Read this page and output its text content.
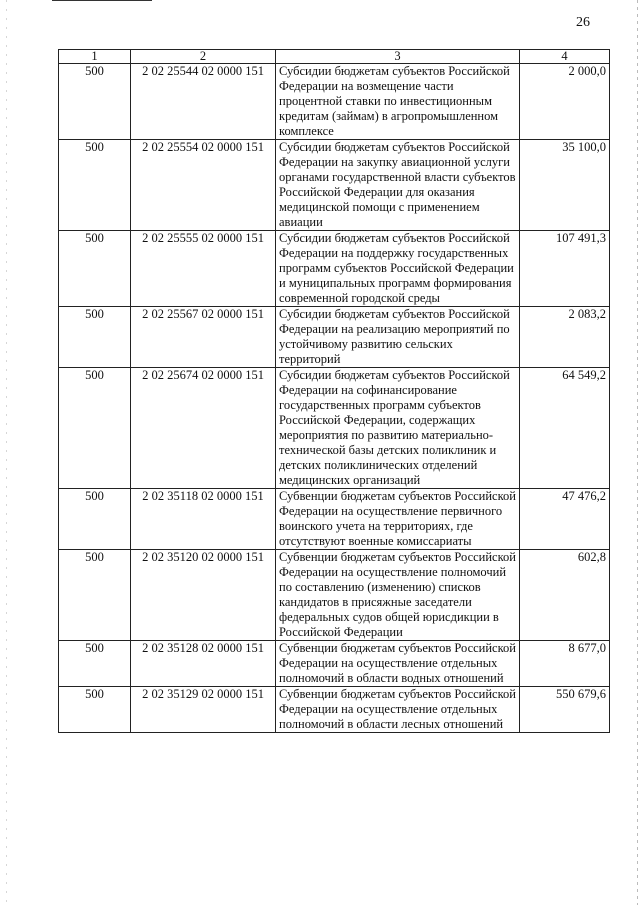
26
1	2	3	4
500	2 02 25544 02 0000 151	Субсидии бюджетам субъектов Российской Федерации на возмещение части процентной ставки по инвестиционным кредитам (займам) в агропромышленном комплексе	2 000,0
500	2 02 25554 02 0000 151	Субсидии бюджетам субъектов Российской Федерации на закупку авиационной услуги органами государственной власти субъектов Российской Федерации для оказания медицинской помощи с применением авиации	35 100,0
500	2 02 25555 02 0000 151	Субсидии бюджетам субъектов Российской Федерации на поддержку государственных программ субъектов Российской Федерации и муниципальных программ формирования современной городской среды	107 491,3
500	2 02 25567 02 0000 151	Субсидии бюджетам субъектов Российской Федерации на реализацию мероприятий по устойчивому развитию сельских территорий	2 083,2
500	2 02 25674 02 0000 151	Субсидии бюджетам субъектов Российской Федерации на софинансирование государственных программ субъектов Российской Федерации, содержащих мероприятия по развитию материально-технической базы детских поликлиник и детских поликлинических отделений медицинских организаций	64 549,2
500	2 02 35118 02 0000 151	Субвенции бюджетам субъектов Российской Федерации на осуществление первичного воинского учета на территориях, где отсутствуют военные комиссариаты	47 476,2
500	2 02 35120 02 0000 151	Субвенции бюджетам субъектов Российской Федерации на осуществление полномочий по составлению (изменению) списков кандидатов в присяжные заседатели федеральных судов общей юрисдикции в Российской Федерации	602,8
500	2 02 35128 02 0000 151	Субвенции бюджетам субъектов Российской Федерации на осуществление отдельных полномочий в области водных отношений	8 677,0
500	2 02 35129 02 0000 151	Субвенции бюджетам субъектов Российской Федерации на осуществление отдельных полномочий в области лесных отношений	550 679,6
